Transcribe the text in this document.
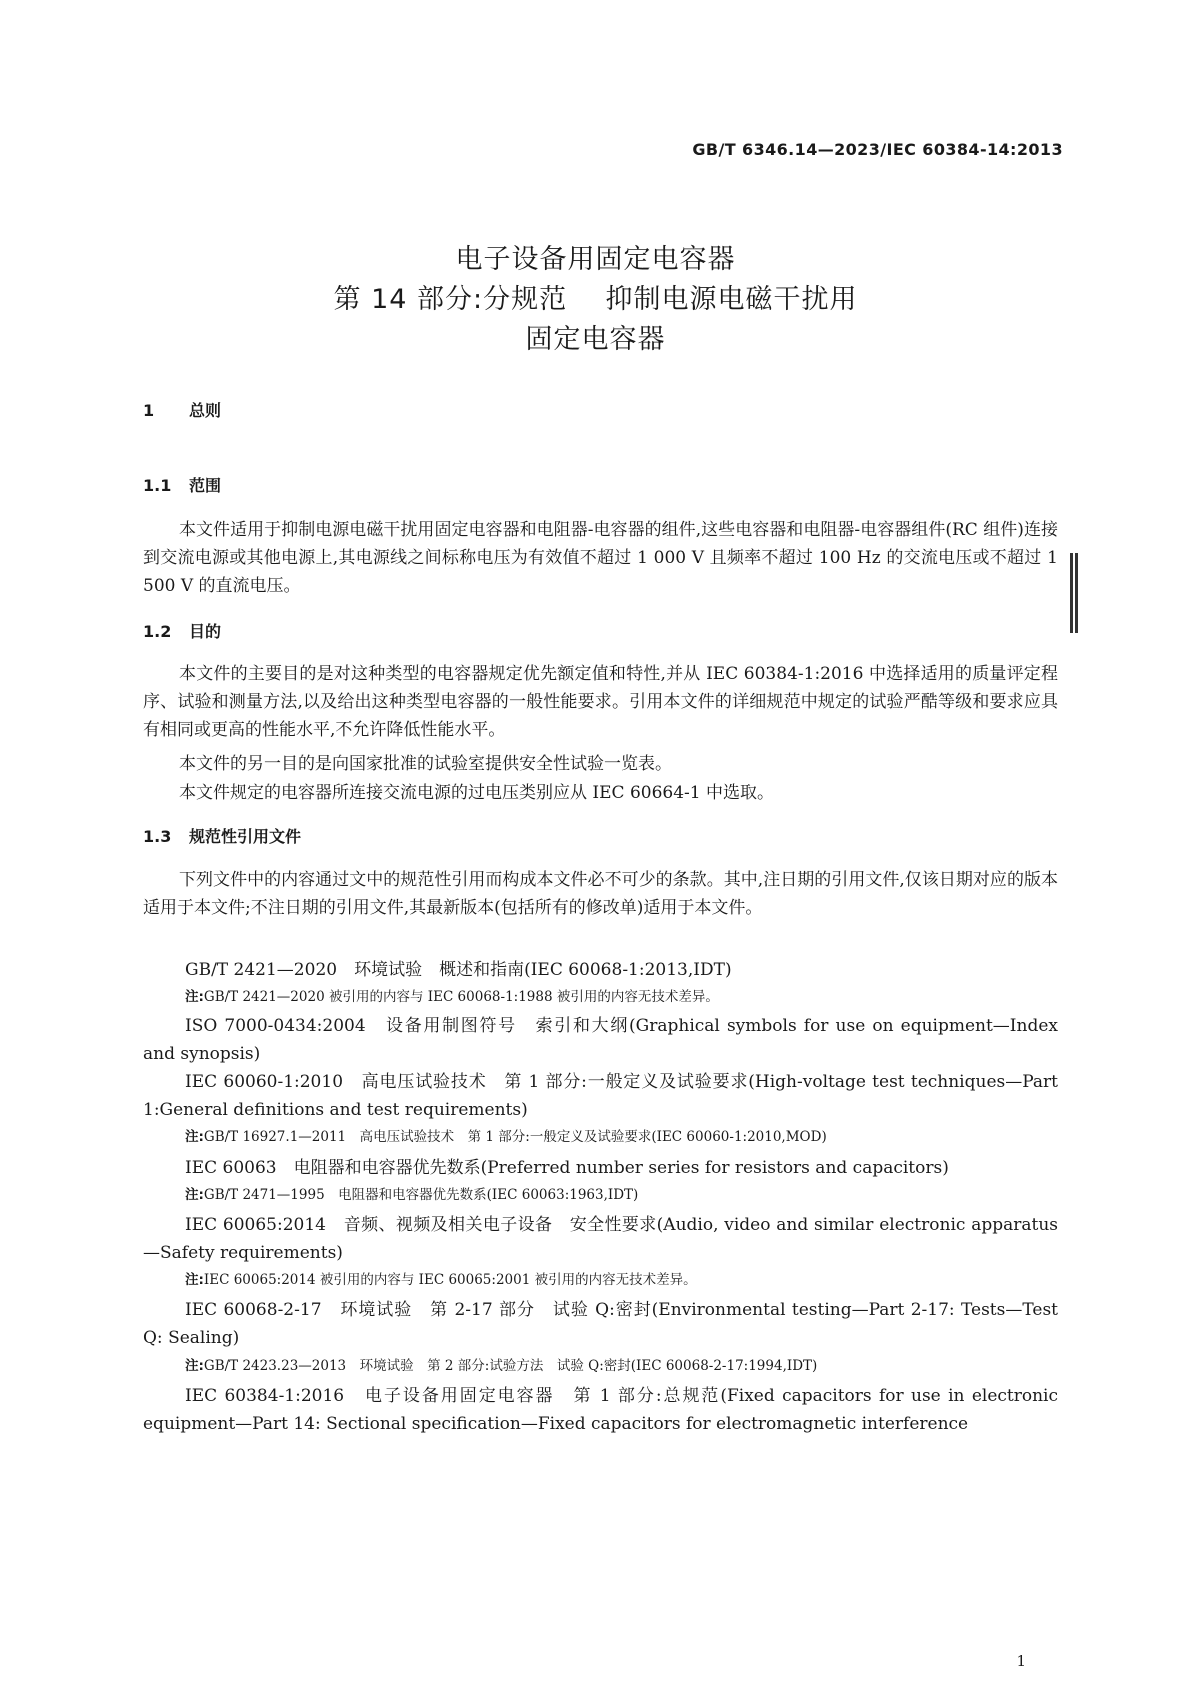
GB/T 6346.14—2023/IEC 60384-14:2013
电子设备用固定电容器
第 14 部分:分规范    抑制电源电磁干扰用
固定电容器
1 总则
1.1 范围
本文件适用于抑制电源电磁干扰用固定电容器和电阻器-电容器的组件,这些电容器和电阻器-电容器组件(RC 组件)连接到交流电源或其他电源上,其电源线之间标称电压为有效值不超过 1 000 V 且频率不超过 100 Hz 的交流电压或不超过 1 500 V 的直流电压。
1.2 目的
本文件的主要目的是对这种类型的电容器规定优先额定值和特性,并从 IEC 60384-1:2016 中选择适用的质量评定程序、试验和测量方法,以及给出这种类型电容器的一般性能要求。引用本文件的详细规范中规定的试验严酷等级和要求应具有相同或更高的性能水平,不允许降低性能水平。
本文件的另一目的是向国家批准的试验室提供安全性试验一览表。
本文件规定的电容器所连接交流电源的过电压类别应从 IEC 60664-1 中选取。
1.3 规范性引用文件
下列文件中的内容通过文中的规范性引用而构成本文件必不可少的条款。其中,注日期的引用文件,仅该日期对应的版本适用于本文件;不注日期的引用文件,其最新版本(包括所有的修改单)适用于本文件。
GB/T 2421—2020　环境试验　概述和指南(IEC 60068-1:2013,IDT)
注:GB/T 2421—2020 被引用的内容与 IEC 60068-1:1988 被引用的内容无技术差异。
ISO 7000-0434:2004　设备用制图符号　索引和大纲(Graphical symbols for use on equipment—Index and synopsis)
IEC 60060-1:2010　高电压试验技术　第 1 部分:一般定义及试验要求(High-voltage test techniques—Part 1:General definitions and test requirements)
注:GB/T 16927.1—2011　高电压试验技术　第 1 部分:一般定义及试验要求(IEC 60060-1:2010,MOD)
IEC 60063　电阻器和电容器优先数系(Preferred number series for resistors and capacitors)
注:GB/T 2471—1995　电阻器和电容器优先数系(IEC 60063:1963,IDT)
IEC 60065:2014　音频、视频及相关电子设备　安全性要求(Audio, video and similar electronic apparatus—Safety requirements)
注:IEC 60065:2014 被引用的内容与 IEC 60065:2001 被引用的内容无技术差异。
IEC 60068-2-17　环境试验　第 2-17 部分　试验 Q:密封(Environmental testing—Part 2-17: Tests—Test Q: Sealing)
注:GB/T 2423.23—2013　环境试验　第 2 部分:试验方法　试验 Q:密封(IEC 60068-2-17:1994,IDT)
IEC 60384-1:2016　电子设备用固定电容器　第 1 部分:总规范(Fixed capacitors for use in electronic equipment—Part 14: Sectional specification—Fixed capacitors for electromagnetic interference
1
